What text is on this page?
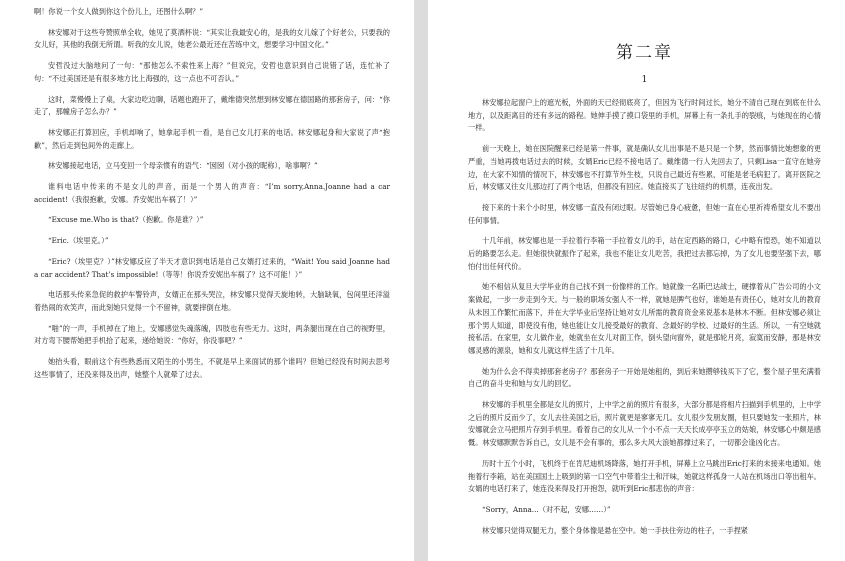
啊！你说一个女人做到你这个份儿上，还图什么啊？”

林安娜对于这些夸赞照单全收，她见了莫洒杯说：“其实让我最安心的，是我的女儿嫁了个好老公，只要我的女儿好，其他的我倒无所谓。听我的女儿说，她老公最近还在苦练中文，想要学习中国文化。”

安哲没过大脑地问了一句：“那他怎么不索性来上海？”但说完，安哲也意识到自己说错了话，连忙补了句：“不过美国还是有很多地方比上海强的，这一点也不可否认。”

这时，菜慢慢上了桌，大家边吃边聊，话题也跑开了，戴维德突然想到林安娜在德国路的那套房子，问：“你走了，那幢房子怎么办？”

林安娜正打算回应，手机却响了，她拿起手机一看，是自己女儿打来的电话。林安娜起身和大家说了声“抱歉”，然后走到包间外的走廊上。

林安娜接起电话，立马变回一个母亲惯有的语气：“囡囡（对小孩的昵称），啥事啊？”

谁料电话中传来的不是女儿的声音，而是一个男人的声音：“I’m sorry,Anna.Joanne had a car accident!（我很抱歉，安娜。乔安妮出车祸了！）”

“Excuse me.Who is that?（抱歉。你是谁？）”

“Eric.（埃里克。）”

“Eric?（埃里克？）”林安娜反应了半天才意识到电话是自己女婿打过来的，“Wait! You said Joanne had a car accident? That’s impossible!（等等！你说乔安妮出车祸了？这不可能！）”

电话那头传来急促的救护车警铃声，女婿正在那头哭泣，林安娜只觉得天旋地转，大脑缺氧，包间里还洋溢着热闹的欢笑声，而此刻她只觉得一个不留神，就要摔倒在地。

“啪”的一声，手机掉在了地上，安娜感觉失魂落魄，四肢也有些无力。这时，两条腿出现在自己的视野里，对方弯下腰帮她把手机拾了起来，递给她说：“你好，你没事吧？”

她抬头看，眼前这个有些熟悉而又陌生的小男生，不就是早上来面试的那个谁吗？但她已经没有时间去思考这些事情了，还没来得及出声，她整个人就晕了过去。

第二章
1

林安娜拉起窗户上的遮光板，外面的天已经彻底亮了，但因为飞行时间过长，她分不清自己现在到底在什么地方，以及距离目的还有多远的路程。她伸手摸了摸口袋里的手机，屏幕上有一条扎手的裂痕，与她现在的心情一样。

前一天晚上，她在医院醒来已经是第一件事，就是确认女儿出事是不是只是一个梦，然而事情比她想象的更严重，当她再拨电话过去的时候，女婿Eric已经不接电话了。戴维德一行人先回去了，只剩Lisa一直守在她旁边，在大家不知情的情况下，林安娜也不打算节外生枝，只说自己最近有些累，可能是老毛病犯了。离开医院之后，林安娜又往女儿那边打了两个电话，但都没有回应。她直接买了飞往纽约的机票，连夜出发。

接下来的十来个小时里，林安娜一直没有闭过眼。尽管她已身心疲惫，但她一直在心里祈祷希望女儿不要出任何事情。

十几年前，林安娜也是一手拉着行李箱一手拉着女儿的手，站在定西路的路口，心中略有惶恐，她不知道以后的路要怎么走。但她很快就振作了起来，我也不能让女儿吃苦，我把过去都忘掉，为了女儿也要坚强下去，哪怕付出任何代价。

她不相信从复旦大学毕业的自己找不到一份像样的工作。她就像一名斯巴达战士，硬撑着从广告公司的小文案做起，一步一步走到今天。与一般的职场女强人不一样，就她是脾气也好，谁她是有责任心，她对女儿的教育从未因工作繁忙而落下，并在大学毕业后坚持让她对女儿所需的教育资金来说基本是林木不断。但林安娜必须让那个男人知道，即使没有他，她也能让女儿接受最好的教育、念最好的学校、过最好的生活。所以，一有空她就接私活。在家里，女儿做作业，她就坐在女儿对面工作，倒头望向窗外，就是那轮月亮，寂寞而安静，那是林安娜灵感的源泉，她和女儿就这样生活了十几年。

她为什么会不得卖掉那套老房子？那套房子一开始是她租的，到后来她攒够钱买下了它，整个屋子里充满着自己的奋斗史和她与女儿的回忆。

林安娜的手机里全都是女儿的照片，上中学之前的照片有很多，大部分都是将相片扫描到手机里的，上中学之后的照片反而少了，女儿去往美国之后，照片就更是寥寥无几。女儿很少发朋友圈，但只要她发一张照片，林安娜就会立马把照片存到手机里。看着自己的女儿从一个小不点一天天长成亭亭玉立的姑娘，林安娜心中颇是感慨。林安娜默默告诉自己，女儿是不会有事的，那么多大风大浪她都撑过来了，一切都会逢凶化吉。

历时十五个小时，飞机终于在肯尼迪机场降落，她打开手机，屏幕上立马跳出Eric打来的未接来电通知。她拖着行李箱，站在美国国土上吸到的第一口空气中带着尘土和汗味，她就这样孤身一人站在机场出口等出租车。女婿的电话打来了，她连没来得及打开抱怨，就听到Eric那悲伤的声音：

“Sorry，Anna...（对不起，安娜……）”

林安娜只觉得双腿无力，整个身体像是悬在空中。她一手扶住旁边的柱子，一手捏紧
